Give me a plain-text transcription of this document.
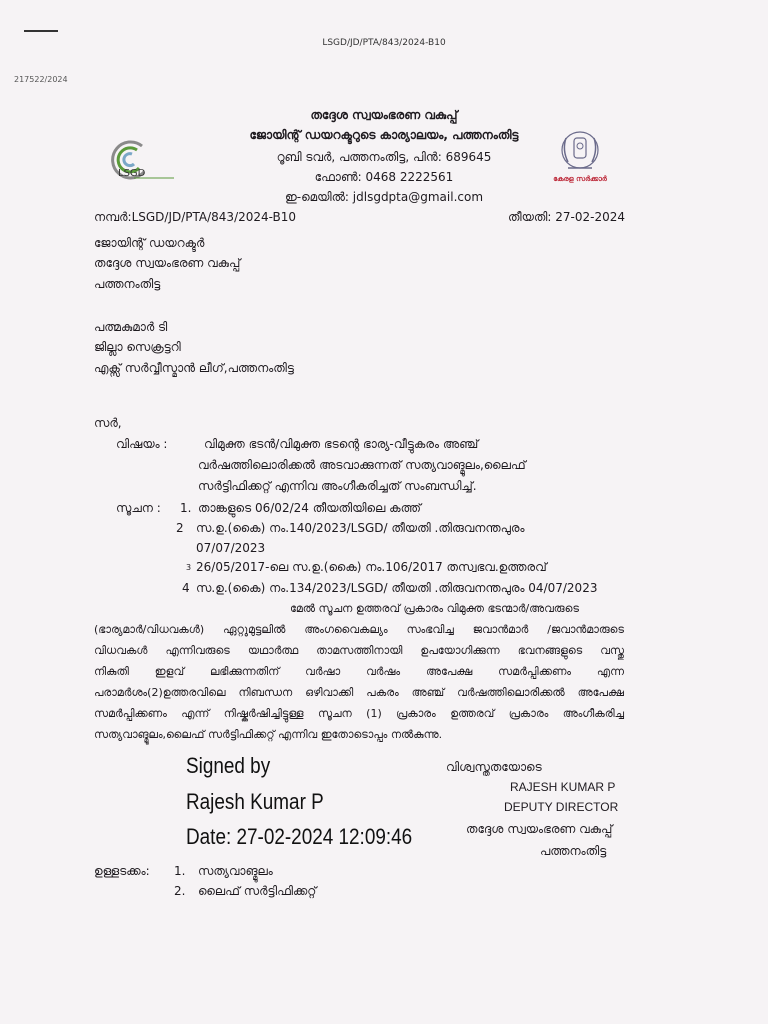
217522/2024
LSGD/JD/PTA/843/2024-B10
തദ്ദേശ സ്വയംഭരണ വകുപ്പ്
ജോയിന്റ് ഡയറക്ടറുടെ കാര്യാലയം, പത്തനംതിട്ട
റൂബി ടവർ, പത്തനംതിട്ട, പിൻ: 689645
ഫോൺ: 0468 2222561
ഇ-മെയിൽ: jdlsgdpta@gmail.com
LSGD	കേരള സർക്കാർ
നമ്പർ:LSGD/JD/PTA/843/2024-B10	തീയതി: 27-02-2024
ജോയിന്റ് ഡയറക്ടർ
തദ്ദേശ സ്വയംഭരണ വകുപ്പ്
പത്തനംതിട്ട
പത്മകുമാർ ടി
ജില്ലാ സെക്രട്ടറി
എക്സ് സർവ്വീസ്മാൻ ലീഗ്,പത്തനംതിട്ട
സർ,
വിഷയം :	വിമുക്ത ഭടൻ/വിമുക്ത ഭടന്റെ ഭാര്യ-വീട്ടുകരം അഞ്ച്
വർഷത്തിലൊരിക്കൽ അടവാക്കുന്നത് സത്യവാങ്മൂലം,ലൈഫ്
സർട്ടിഫിക്കറ്റ് എന്നിവ അംഗീകരിച്ചത് സംബന്ധിച്ച്.
സൂചന : 1. താങ്കളുടെ 06/02/24 തീയതിയിലെ കത്ത്
2 സ.ഉ.(കൈ) നം.140/2023/LSGD/ തീയതി .തിരുവനന്തപുരം
07/07/2023
3 26/05/2017-ലെ സ.ഉ.(കൈ) നം.106/2017 തസ്വഭവ.ഉത്തരവ്
4 സ.ഉ.(കൈ) നം.134/2023/LSGD/ തീയതി .തിരുവനന്തപുരം 04/07/2023
മേൽ സൂചന ഉത്തരവ് പ്രകാരം വിമുക്ത ഭടന്മാർ/അവരുടെ
(ഭാര്യമാർ/വിധവകൾ) ഏറ്റുമുട്ടലിൽ അംഗവൈകല്യം സംഭവിച്ച ജവാൻമാർ /ജവാൻമാരുടെ
വിധവകൾ എന്നിവരുടെ യഥാർത്ഥ താമസത്തിനായി ഉപയോഗിക്കുന്ന ഭവനങ്ങളുടെ വസ്തു
നികുതി ഇളവ് ലഭിക്കുന്നതിന് വർഷാ വർഷം അപേക്ഷ സമർപ്പിക്കണം എന്ന
പരാമർശം(2)ഉത്തരവിലെ നിബന്ധന ഒഴിവാക്കി പകരം അഞ്ച് വർഷത്തിലൊരിക്കൽ അപേക്ഷ
സമർപ്പിക്കണം എന്ന് നിഷ്കർഷിച്ചിട്ടുള്ള സൂചന (1) പ്രകാരം ഉത്തരവ് പ്രകാരം അംഗീകരിച്ച
സത്യവാങ്മൂലം,ലൈഫ് സർട്ടിഫിക്കറ്റ് എന്നിവ ഇതോടൊപ്പം നൽകുന്നു.
Signed by
Rajesh Kumar P
Date: 27-02-2024 12:09:46
വിശ്വസ്തതയോടെ
RAJESH KUMAR P
DEPUTY DIRECTOR
തദ്ദേശ സ്വയംഭരണ വകുപ്പ്
പത്തനംതിട്ട
ഉള്ളടക്കം: 1. സത്യവാങ്മൂലം
2. ലൈഫ് സർട്ടിഫിക്കറ്റ്
